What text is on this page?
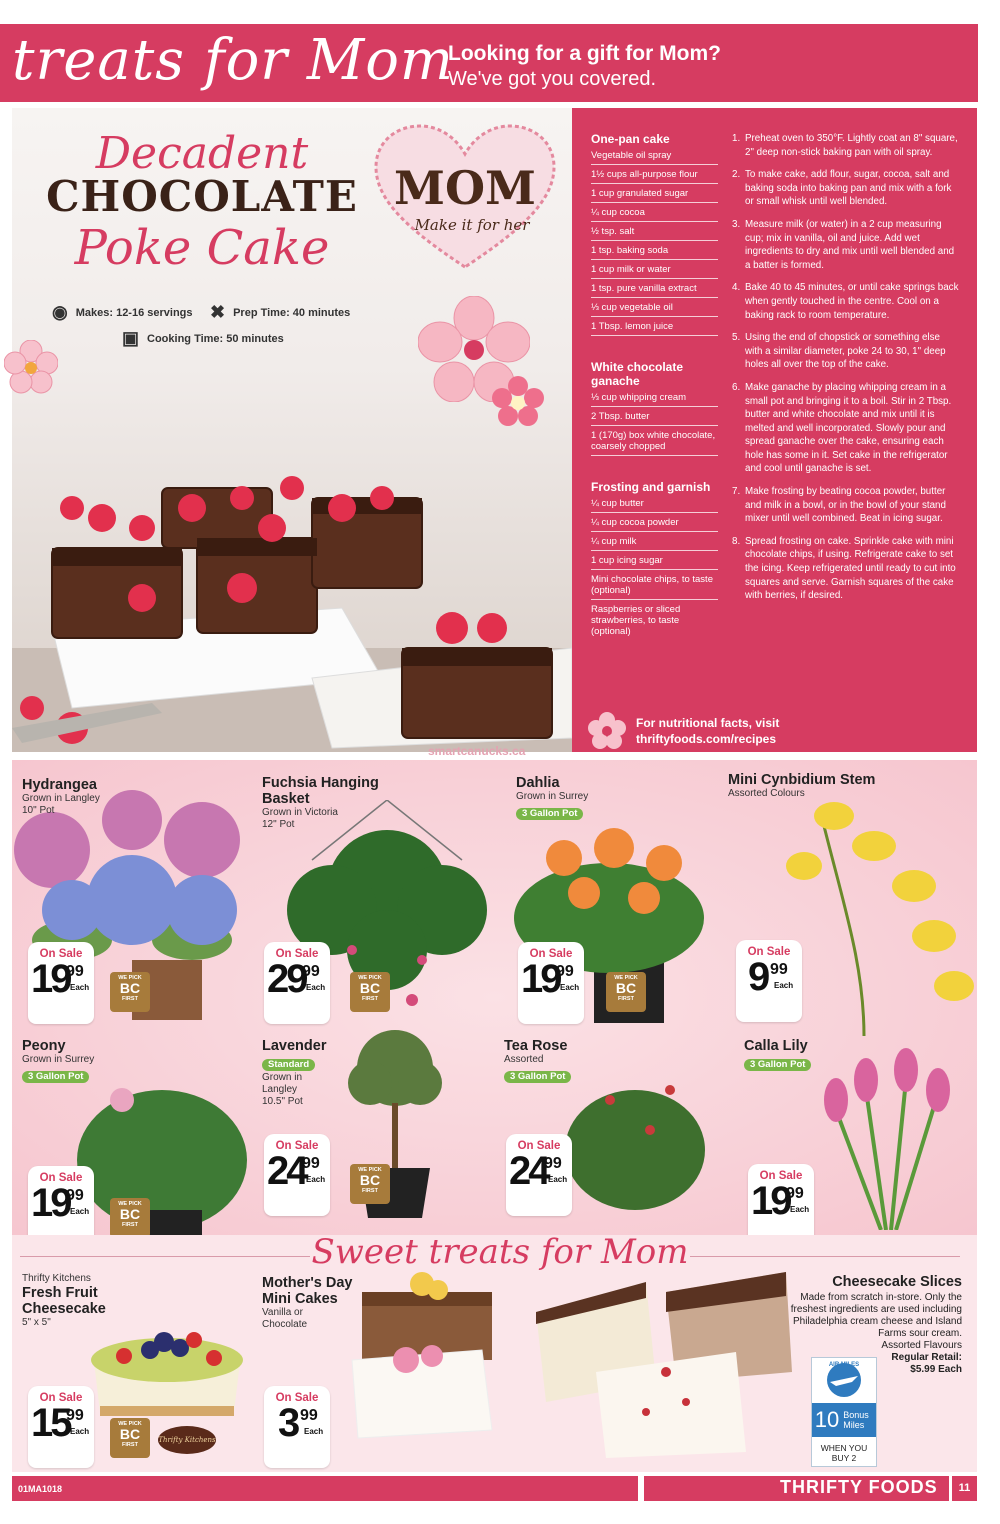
treats for Mom
Looking for a gift for Mom?
We've got you covered.
Decadent
CHOCOLATE
Poke Cake
MOM
Make it for her
◉ Makes: 12-16 servings ✖ Prep Time: 40 minutes
▣ Cooking Time: 50 minutes
One-pan cake
Vegetable oil spray
1½ cups all-purpose flour
1 cup granulated sugar
¼ cup cocoa
½ tsp. salt
1 tsp. baking soda
1 cup milk or water
1 tsp. pure vanilla extract
⅓ cup vegetable oil
1 Tbsp. lemon juice
White chocolate ganache
⅓ cup whipping cream
2 Tbsp. butter
1 (170g) box white chocolate, coarsely chopped
Frosting and garnish
¼ cup butter
¼ cup cocoa powder
¼ cup milk
1 cup icing sugar
Mini chocolate chips, to taste (optional)
Raspberries or sliced strawberries, to taste (optional)
1. Preheat oven to 350°F. Lightly coat an 8" square, 2" deep non-stick baking pan with oil spray.
2. To make cake, add flour, sugar, cocoa, salt and baking soda into baking pan and mix with a fork or small whisk until well blended.
3. Measure milk (or water) in a 2 cup measuring cup; mix in vanilla, oil and juice. Add wet ingredients to dry and mix until well blended and a batter is formed.
4. Bake 40 to 45 minutes, or until cake springs back when gently touched in the centre. Cool on a baking rack to room temperature.
5. Using the end of chopstick or something else with a similar diameter, poke 24 to 30, 1" deep holes all over the top of the cake.
6. Make ganache by placing whipping cream in a small pot and bringing it to a boil. Stir in 2 Tbsp. butter and white chocolate and mix until it is melted and well incorporated. Slowly pour and spread ganache over the cake, ensuring each hole has some in it. Set cake in the refrigerator and cool until ganache is set.
7. Make frosting by beating cocoa powder, butter and milk in a bowl, or in the bowl of your stand mixer until well combined. Beat in icing sugar.
8. Spread frosting on cake. Sprinkle cake with mini chocolate chips, if using. Refrigerate cake to set the icing. Keep refrigerated until ready to cut into squares and serve. Garnish squares of the cake with berries, if desired.
For nutritional facts, visit
thriftyfoods.com/recipes
smartcanucks.ca
Hydrangea
Grown in Langley
10" Pot
Fuchsia Hanging Basket
Grown in Victoria
12" Pot
Dahlia
Grown in Surrey
3 Gallon Pot
Mini Cynbidium Stem
Assorted Colours
Peony
Grown in Surrey
3 Gallon Pot
Lavender
Standard
Grown in
Langley
10.5" Pot
Tea Rose
Assorted
3 Gallon Pot
Calla Lily
3 Gallon Pot
On Sale
19
99
Each
On Sale
29
99
Each
On Sale
19
99
Each
On Sale
9 99
Each
On Sale
19
99
Each
On Sale
24
99
Each
On Sale
24
99
Each	On Sale
19
99
Each
WE PICK
BC
FIRST
WE PICK
BC
FIRST
WE PICK
BC
FIRST
WE PICK
BC
FIRST
WE PICK
BC
FIRST
Sweet treats for Mom
Thrifty Kitchens
Fresh Fruit Cheesecake
5" x 5"
Mother's Day Mini Cakes
Vanilla or Chocolate
Cheesecake Slices
Made from scratch in-store. Only the freshest ingredients are used including Philadelphia cream cheese and Island Farms sour cream.
Assorted Flavours
Regular Retail:
$5.99 Each
AIR MILES
10 Bonus Miles
WHEN YOU BUY 2
On Sale
15
99
Each
WE PICK
BC
FIRST
Thrifty Kitchens
On Sale
3 99
Each
01MA1018	THRIFTY FOODS	11
